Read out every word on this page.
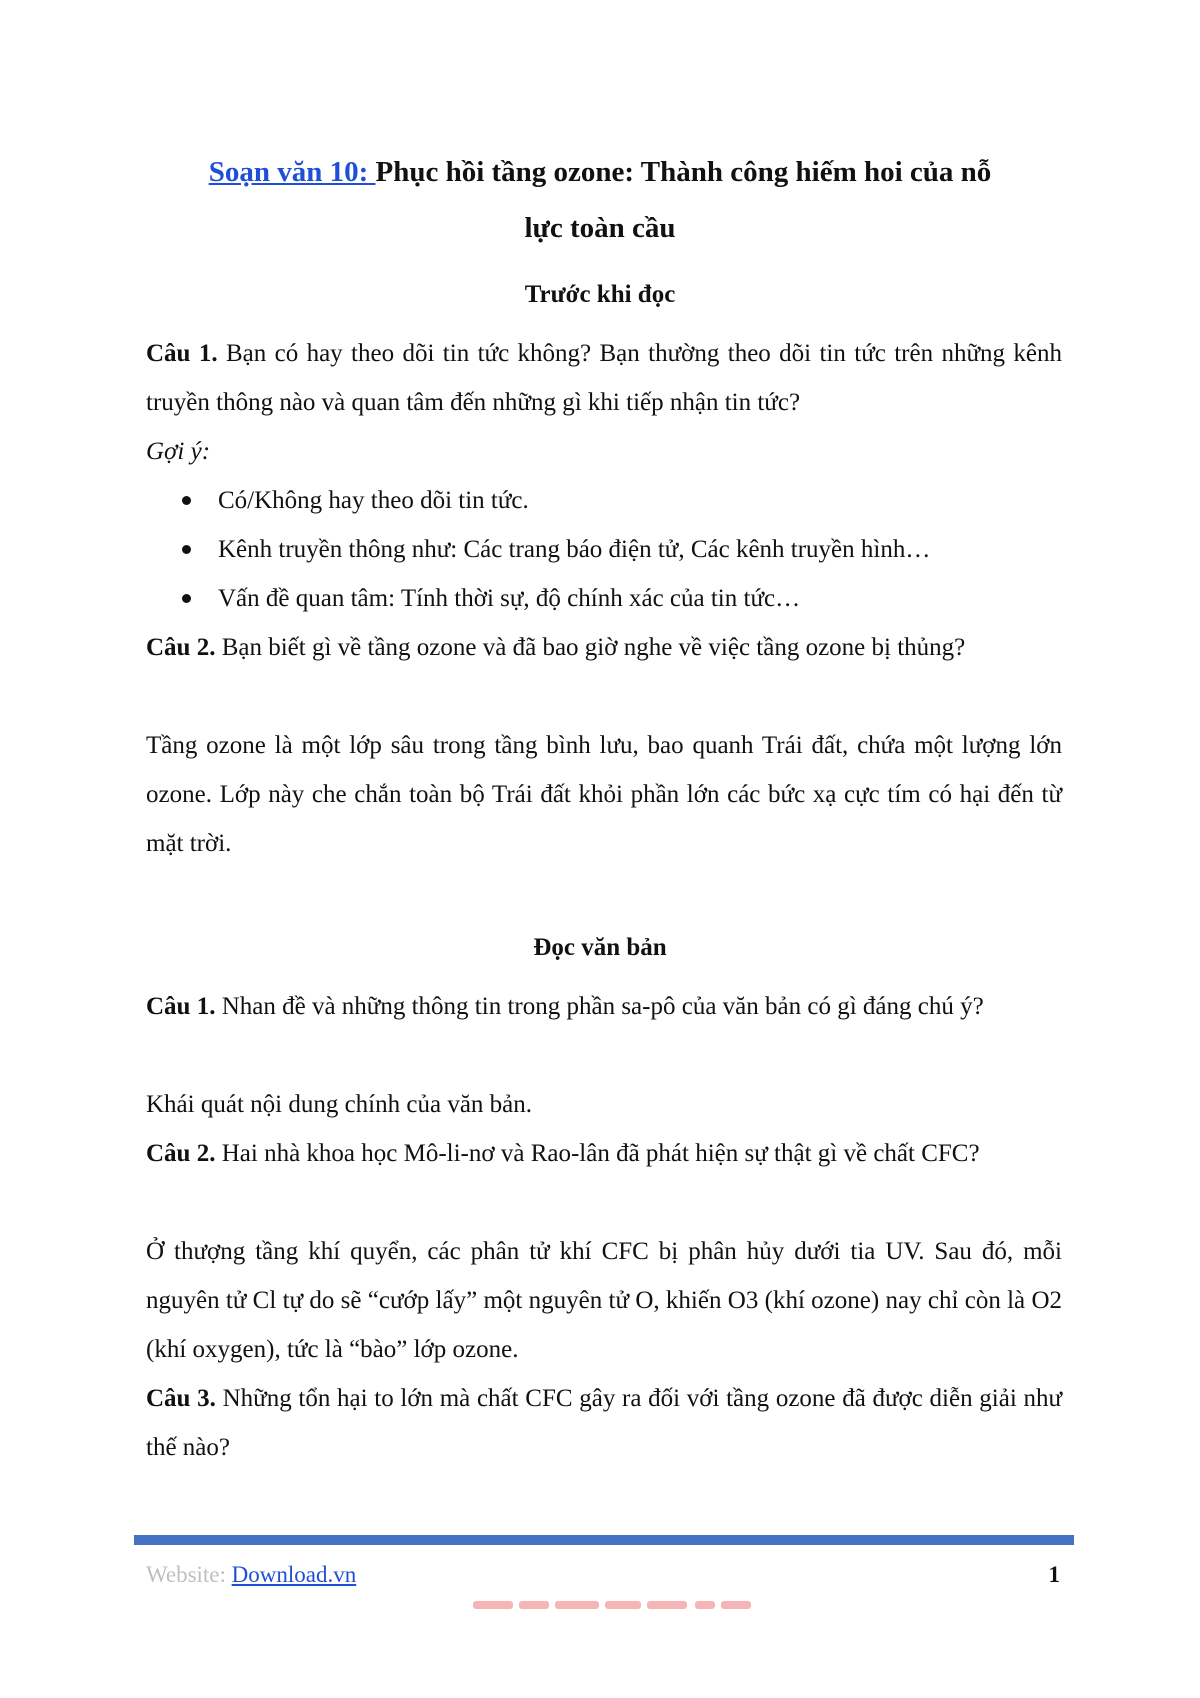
Soạn văn 10: Phục hồi tầng ozone: Thành công hiếm hoi của nỗ
lực toàn cầu
Trước khi đọc
Câu 1. Bạn có hay theo dõi tin tức không? Bạn thường theo dõi tin tức trên những kênh truyền thông nào và quan tâm đến những gì khi tiếp nhận tin tức?
Gợi ý:
Có/Không hay theo dõi tin tức.
Kênh truyền thông như: Các trang báo điện tử, Các kênh truyền hình…
Vấn đề quan tâm: Tính thời sự, độ chính xác của tin tức…
Câu 2. Bạn biết gì về tầng ozone và đã bao giờ nghe về việc tầng ozone bị thủng?
Tầng ozone là một lớp sâu trong tầng bình lưu, bao quanh Trái đất, chứa một lượng lớn ozone. Lớp này che chắn toàn bộ Trái đất khỏi phần lớn các bức xạ cực tím có hại đến từ mặt trời.
Đọc văn bản
Câu 1. Nhan đề và những thông tin trong phần sa-pô của văn bản có gì đáng chú ý?
Khái quát nội dung chính của văn bản.
Câu 2. Hai nhà khoa học Mô-li-nơ và Rao-lân đã phát hiện sự thật gì về chất CFC?
Ở thượng tầng khí quyển, các phân tử khí CFC bị phân hủy dưới tia UV. Sau đó, mỗi nguyên tử Cl tự do sẽ “cướp lấy” một nguyên tử O, khiến O3 (khí ozone) nay chỉ còn là O2 (khí oxygen), tức là “bào” lớp ozone.
Câu 3. Những tổn hại to lớn mà chất CFC gây ra đối với tầng ozone đã được diễn giải như thế nào?
Website: Download.vn	1
